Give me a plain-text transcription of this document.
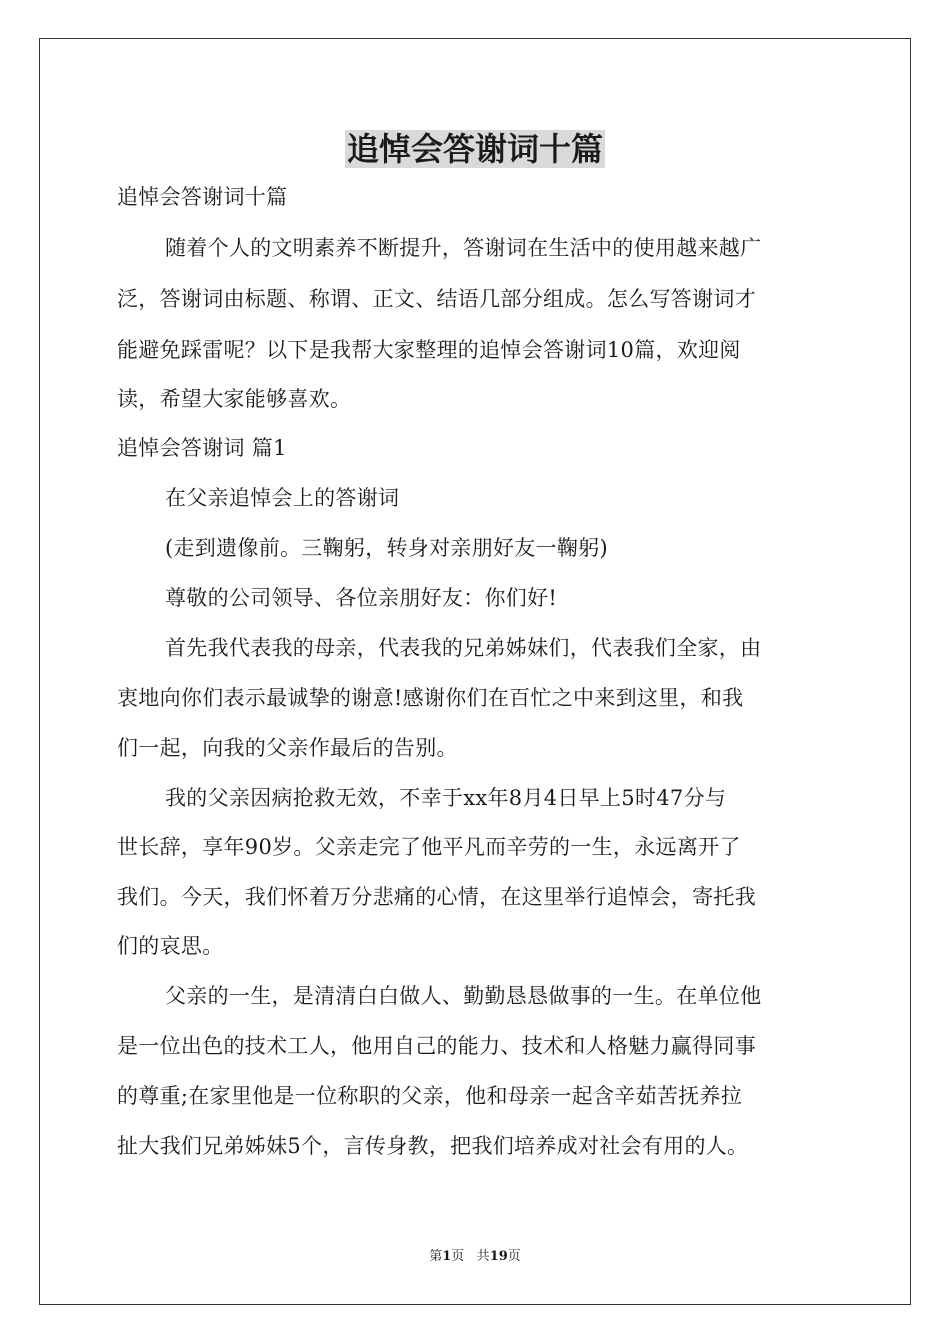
追悼会答谢词十篇
追悼会答谢词十篇
随着个人的文明素养不断提升，答谢词在生活中的使用越来越广
泛，答谢词由标题、称谓、正文、结语几部分组成。怎么写答谢词才
能避免踩雷呢？以下是我帮大家整理的追悼会答谢词10篇，欢迎阅
读，希望大家能够喜欢。
追悼会答谢词 篇1
在父亲追悼会上的答谢词
(走到遗像前。三鞠躬，转身对亲朋好友一鞠躬)
尊敬的公司领导、各位亲朋好友：你们好!
首先我代表我的母亲，代表我的兄弟姊妹们，代表我们全家，由
衷地向你们表示最诚挚的谢意!感谢你们在百忙之中来到这里，和我
们一起，向我的父亲作最后的告别。
我的父亲因病抢救无效，不幸于xx年8月4日早上5时47分与
世长辞，享年90岁。父亲走完了他平凡而辛劳的一生，永远离开了
我们。今天，我们怀着万分悲痛的心情，在这里举行追悼会，寄托我
们的哀思。
父亲的一生，是清清白白做人、勤勤恳恳做事的一生。在单位他
是一位出色的技术工人，他用自己的能力、技术和人格魅力赢得同事
的尊重;在家里他是一位称职的父亲，他和母亲一起含辛茹苦抚养拉
扯大我们兄弟姊妹5个，言传身教，把我们培养成对社会有用的人。
第1页 共19页
